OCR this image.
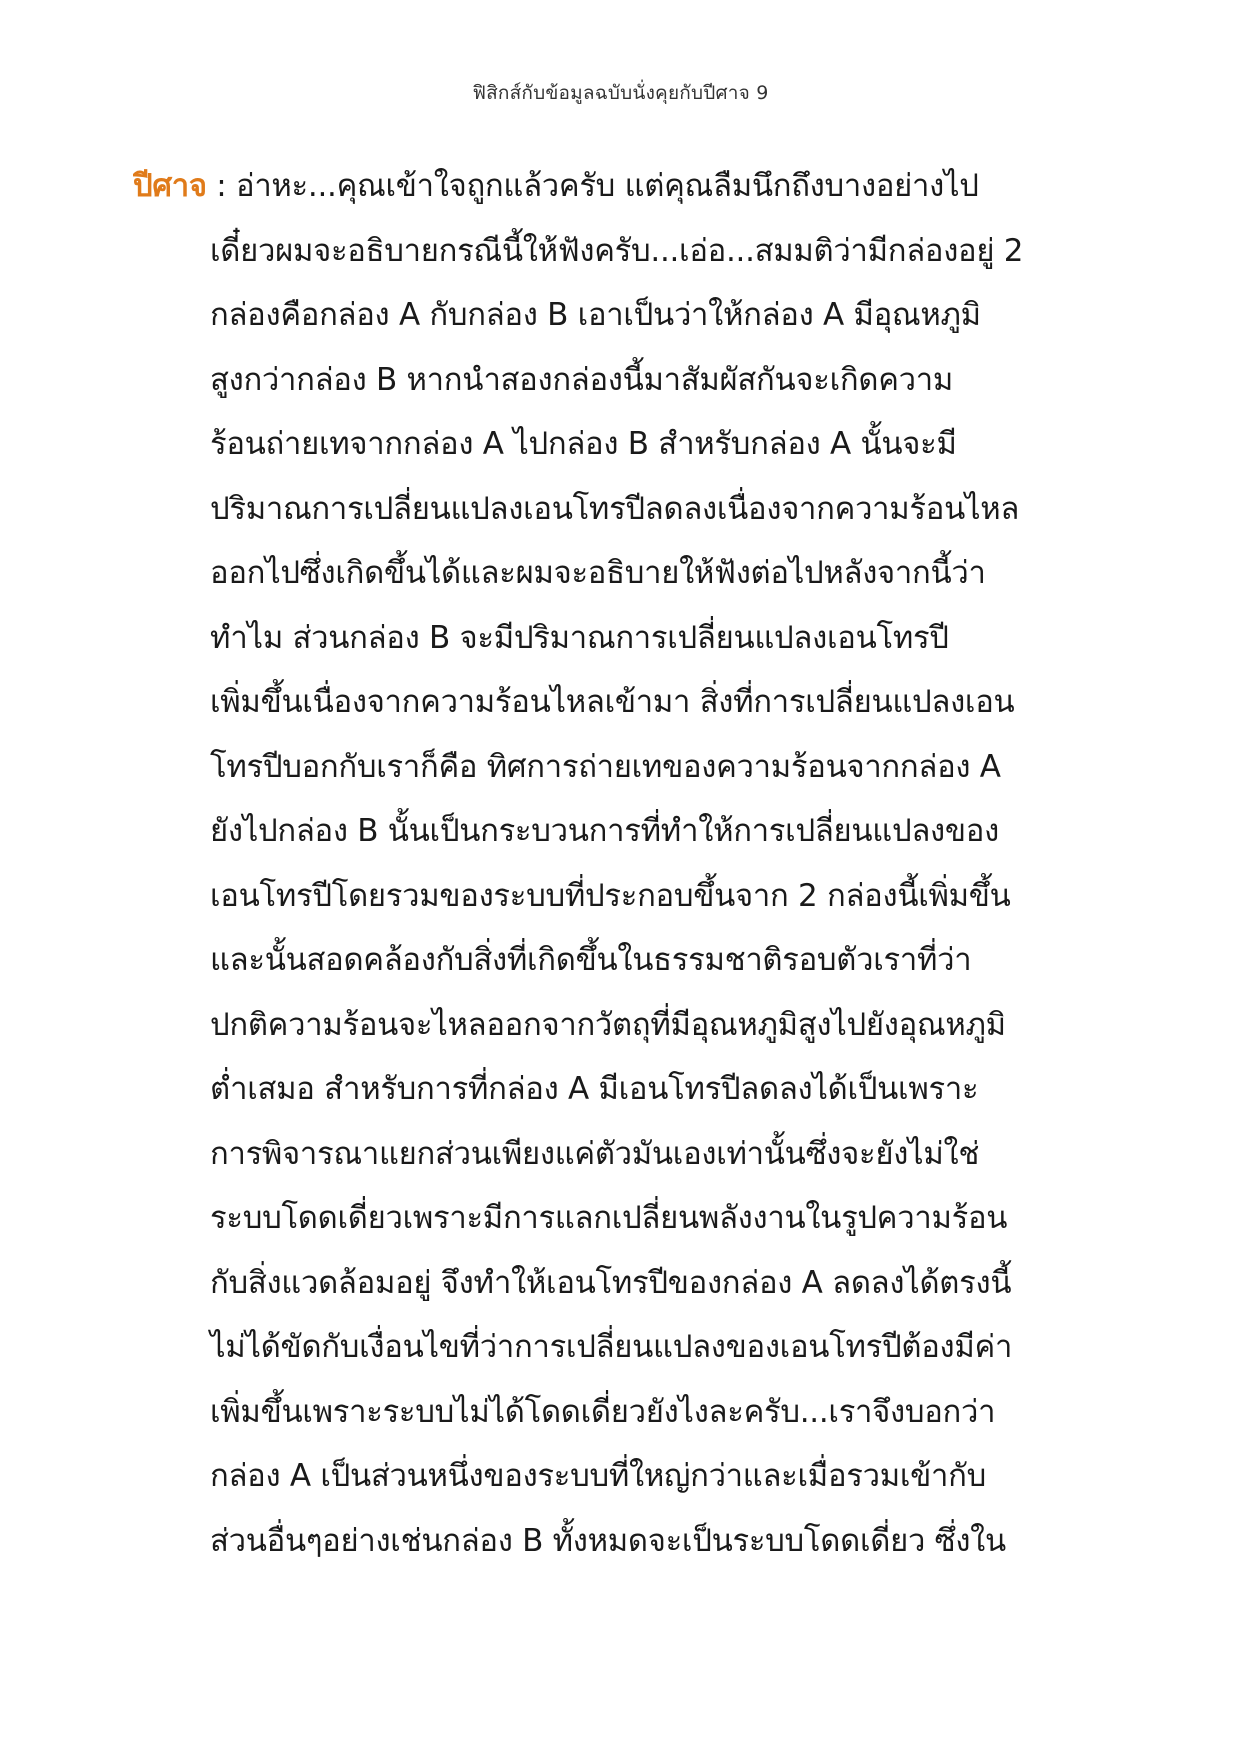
ฟิสิกส์กับข้อมูลฉบับนั่งคุยกับปีศาจ 9
ปีศาจ : อ่าหะ...คุณเข้าใจถูกแล้วครับ แต่คุณลืมนึกถึงบางอย่างไป
เดี๋ยวผมจะอธิบายกรณีนี้ให้ฟังครับ...เอ่อ...สมมติว่ามีกล่องอยู่ 2
กล่องคือกล่อง A กับกล่อง B เอาเป็นว่าให้กล่อง A มีอุณหภูมิ
สูงกว่ากล่อง B หากนำสองกล่องนี้มาสัมผัสกันจะเกิดความ
ร้อนถ่ายเทจากกล่อง A ไปกล่อง B สำหรับกล่อง A นั้นจะมี
ปริมาณการเปลี่ยนแปลงเอนโทรปีลดลงเนื่องจากความร้อนไหล
ออกไปซึ่งเกิดขึ้นได้และผมจะอธิบายให้ฟังต่อไปหลังจากนี้ว่า
ทำไม ส่วนกล่อง B จะมีปริมาณการเปลี่ยนแปลงเอนโทรปี
เพิ่มขึ้นเนื่องจากความร้อนไหลเข้ามา สิ่งที่การเปลี่ยนแปลงเอน
โทรปีบอกกับเราก็คือ ทิศการถ่ายเทของความร้อนจากกล่อง A
ยังไปกล่อง B นั้นเป็นกระบวนการที่ทำให้การเปลี่ยนแปลงของ
เอนโทรปีโดยรวมของระบบที่ประกอบขึ้นจาก 2 กล่องนี้เพิ่มขึ้น
และนั้นสอดคล้องกับสิ่งที่เกิดขึ้นในธรรมชาติรอบตัวเราที่ว่า
ปกติความร้อนจะไหลออกจากวัตถุที่มีอุณหภูมิสูงไปยังอุณหภูมิ
ต่ำเสมอ สำหรับการที่กล่อง A มีเอนโทรปีลดลงได้เป็นเพราะ
การพิจารณาแยกส่วนเพียงแค่ตัวมันเองเท่านั้นซึ่งจะยังไม่ใช่
ระบบโดดเดี่ยวเพราะมีการแลกเปลี่ยนพลังงานในรูปความร้อน
กับสิ่งแวดล้อมอยู่ จึงทำให้เอนโทรปีของกล่อง A ลดลงได้ตรงนี้
ไม่ได้ขัดกับเงื่อนไขที่ว่าการเปลี่ยนแปลงของเอนโทรปีต้องมีค่า
เพิ่มขึ้นเพราะระบบไม่ได้โดดเดี่ยวยังไงละครับ...เราจึงบอกว่า
กล่อง A เป็นส่วนหนึ่งของระบบที่ใหญ่กว่าและเมื่อรวมเข้ากับ
ส่วนอื่นๆอย่างเช่นกล่อง B ทั้งหมดจะเป็นระบบโดดเดี่ยว ซึ่งใน
